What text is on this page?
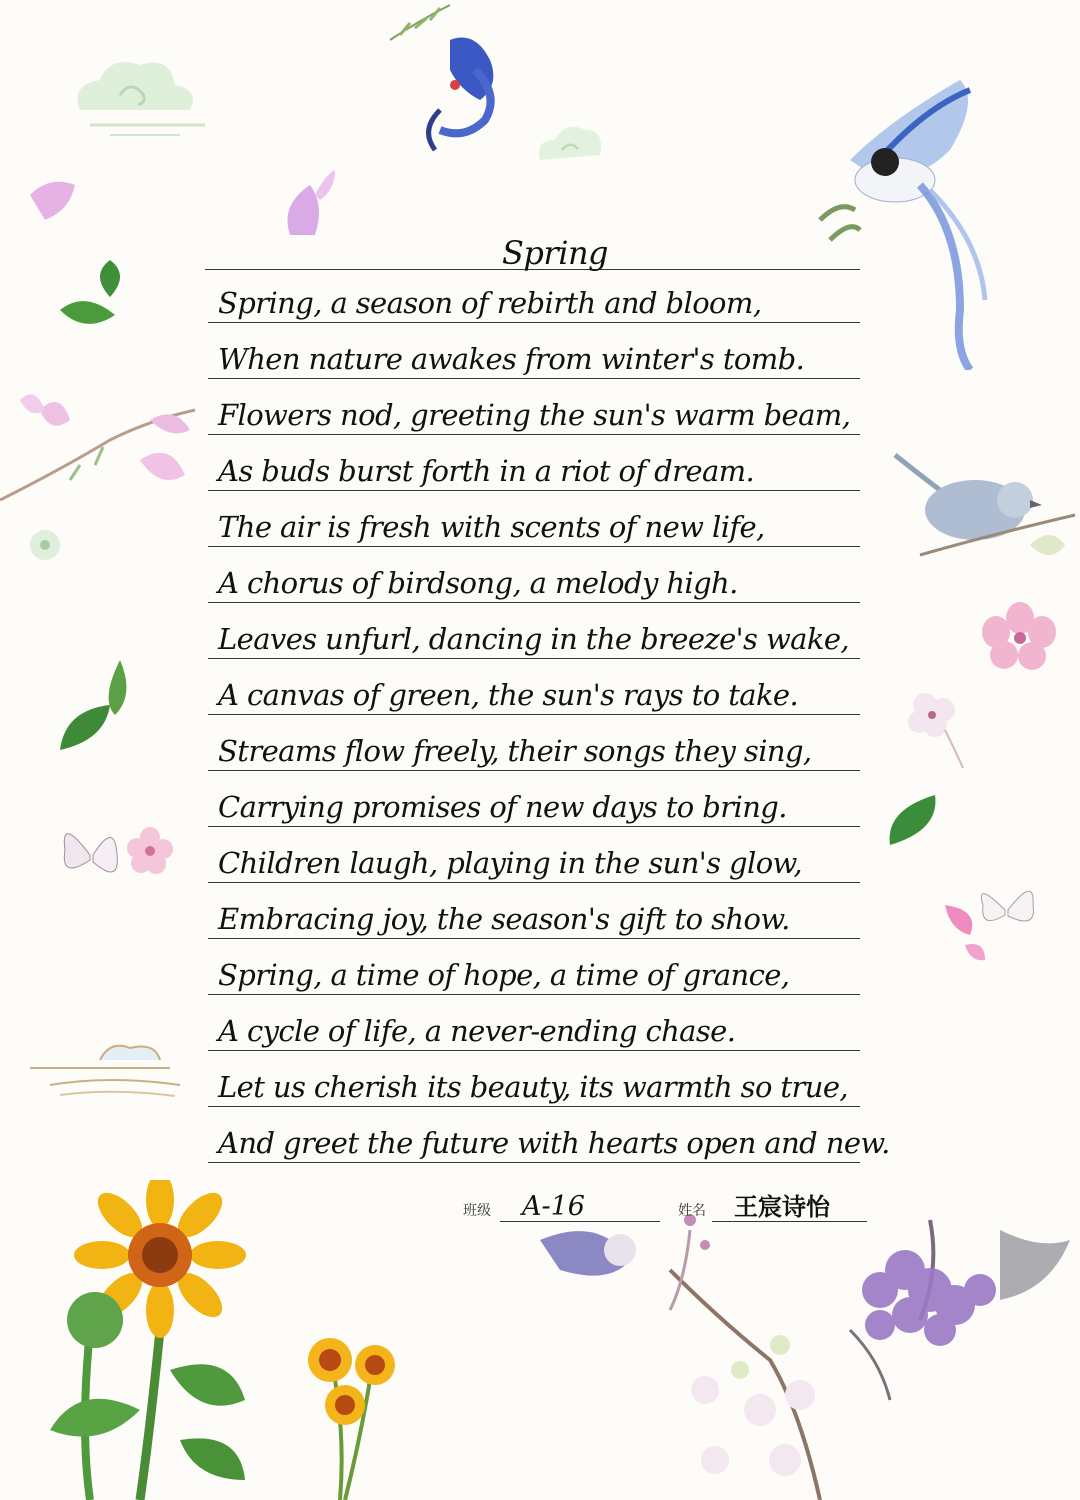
Spring
Spring, a season of rebirth and bloom,
When nature awakes from winter's tomb.
Flowers nod, greeting the sun's warm beam,
As buds burst forth in a riot of dream.
The air is fresh with scents of new life,
A chorus of birdsong, a melody high.
Leaves unfurl, dancing in the breeze's wake,
A canvas of green, the sun's rays to take.
Streams flow freely, their songs they sing,
Carrying promises of new days to bring.
Children laugh, playing in the sun's glow,
Embracing joy, the season's gift to show.
Spring, a time of hope, a time of grance,
A cycle of life, a never-ending chase.
Let us cherish its beauty, its warmth so true,
And greet the future with hearts open and new.
班级	A-16	姓名	王宸诗怡
